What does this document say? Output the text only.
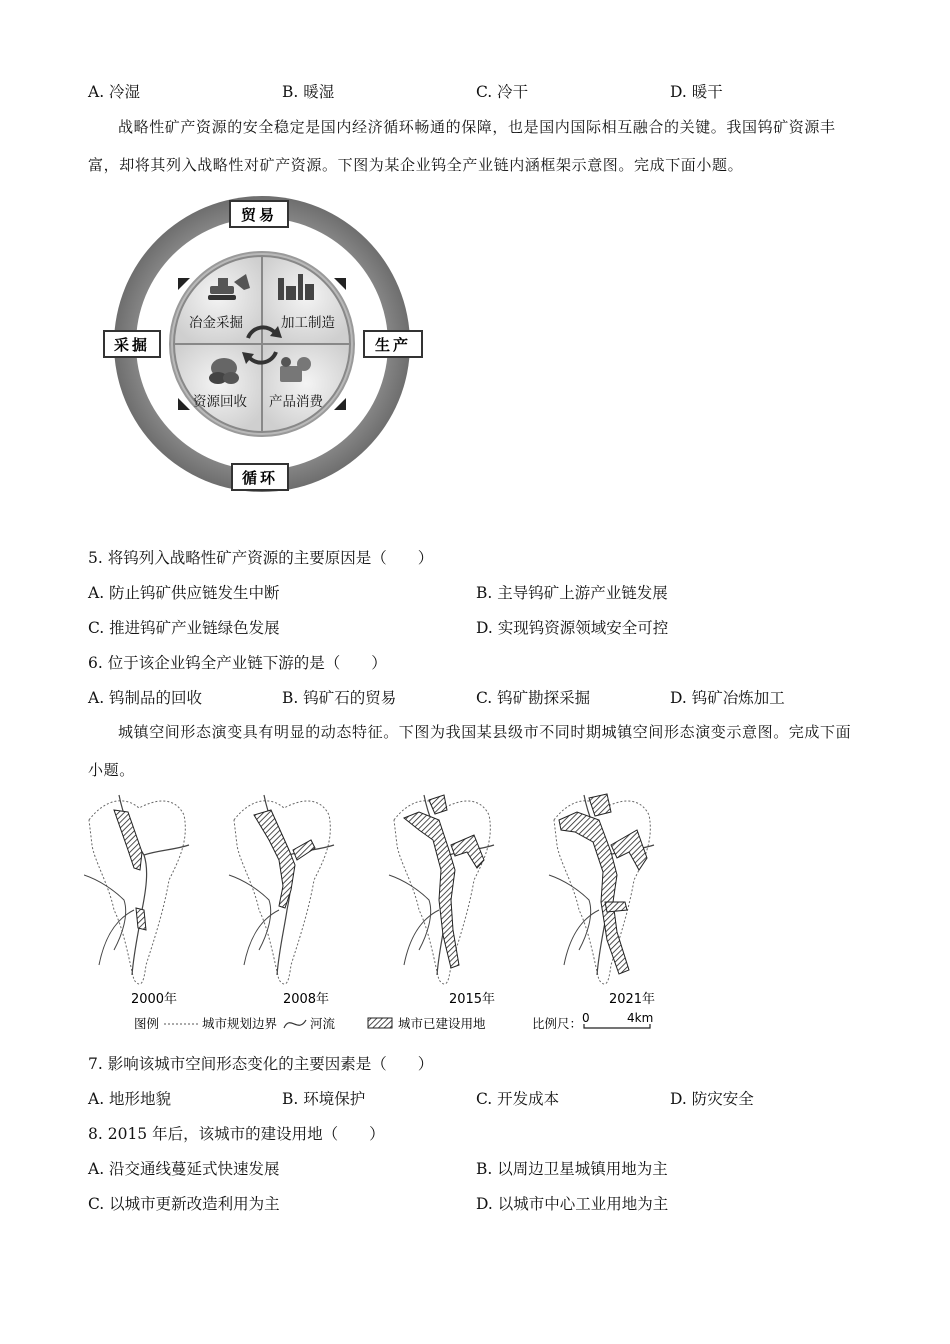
A. 冷湿	B. 暖湿	C. 冷干	D. 暖干
战略性矿产资源的安全稳定是国内经济循环畅通的保障，也是国内国际相互融合的关键。我国钨矿资源丰富，却将其列入战略性对矿产资源。下图为某企业钨全产业链内涵框架示意图。完成下面小题。
冶金采掘	加工制造
资源回收 产品消费
贸易
采掘	生产
循环
5. 将钨列入战略性矿产资源的主要原因是（　　）
A. 防止钨矿供应链发生中断	B. 主导钨矿上游产业链发展
C. 推进钨矿产业链绿色发展	D. 实现钨资源领域安全可控
6. 位于该企业钨全产业链下游的是（　　）
A. 钨制品的回收	B. 钨矿石的贸易	C. 钨矿勘探采掘	D. 钨矿冶炼加工
城镇空间形态演变具有明显的动态特征。下图为我国某县级市不同时期城镇空间形态演变示意图。完成下面小题。
2000年	2008年	2015年	2021年
图例	城市规划边界	河流	城市已建设用地	比例尺： 0	4km
7. 影响该城市空间形态变化的主要因素是（　　）
A. 地形地貌	B. 环境保护	C. 开发成本	D. 防灾安全
8. 2015 年后，该城市的建设用地（　　）
A. 沿交通线蔓延式快速发展	B. 以周边卫星城镇用地为主
C. 以城市更新改造利用为主	D. 以城市中心工业用地为主
